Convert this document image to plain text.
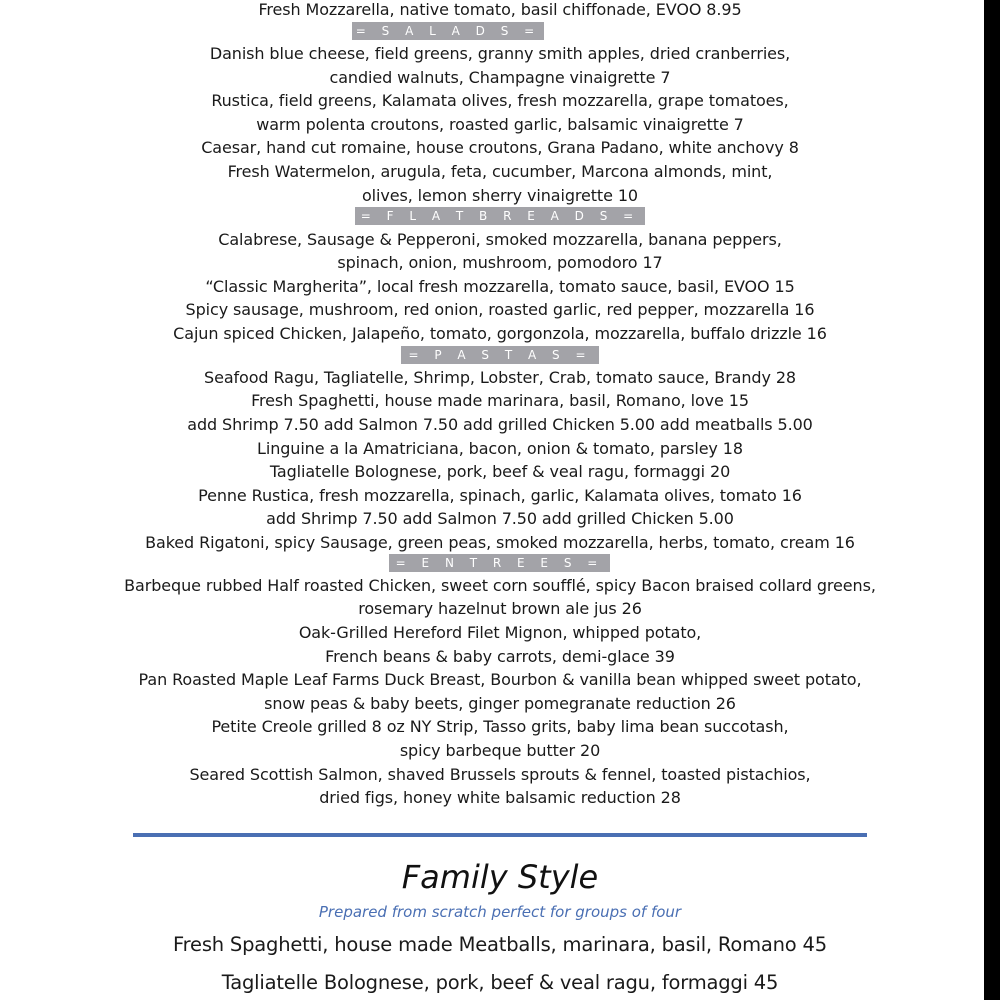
Fresh Mozzarella, native tomato, basil chiffonade, EVOO 8.95
= S A L A D S =
Danish blue cheese, field greens, granny smith apples, dried cranberries,
candied walnuts, Champagne vinaigrette 7
Rustica, field greens, Kalamata olives, fresh mozzarella, grape tomatoes,
warm polenta croutons, roasted garlic, balsamic vinaigrette 7
Caesar, hand cut romaine, house croutons, Grana Padano, white anchovy 8
Fresh Watermelon, arugula, feta, cucumber, Marcona almonds, mint,
olives, lemon sherry vinaigrette 10
= F L A T B R E A D S =
Calabrese, Sausage & Pepperoni, smoked mozzarella, banana peppers,
spinach, onion, mushroom, pomodoro 17
“Classic Margherita”, local fresh mozzarella, tomato sauce, basil, EVOO 15
Spicy sausage, mushroom, red onion, roasted garlic, red pepper, mozzarella 16
Cajun spiced Chicken, Jalapeño, tomato, gorgonzola, mozzarella, buffalo drizzle 16
= P A S T A S =
Seafood Ragu, Tagliatelle, Shrimp, Lobster, Crab, tomato sauce, Brandy 28
Fresh Spaghetti, house made marinara, basil, Romano, love 15
add Shrimp 7.50 add Salmon 7.50 add grilled Chicken 5.00 add meatballs 5.00
Linguine a la Amatriciana, bacon, onion & tomato, parsley 18
Tagliatelle Bolognese, pork, beef & veal ragu, formaggi 20
Penne Rustica, fresh mozzarella, spinach, garlic, Kalamata olives, tomato 16
add Shrimp 7.50 add Salmon 7.50 add grilled Chicken 5.00
Baked Rigatoni, spicy Sausage, green peas, smoked mozzarella, herbs, tomato, cream 16
= E N T R E E S =
Barbeque rubbed Half roasted Chicken, sweet corn soufflé, spicy Bacon braised collard greens,
rosemary hazelnut brown ale jus 26
Oak-Grilled Hereford Filet Mignon, whipped potato,
French beans & baby carrots, demi-glace 39
Pan Roasted Maple Leaf Farms Duck Breast, Bourbon & vanilla bean whipped sweet potato,
snow peas & baby beets, ginger pomegranate reduction 26
Petite Creole grilled 8 oz NY Strip, Tasso grits, baby lima bean succotash,
spicy barbeque butter 20
Seared Scottish Salmon, shaved Brussels sprouts & fennel, toasted pistachios,
dried figs, honey white balsamic reduction 28
Family Style
Prepared from scratch perfect for groups of four
Fresh Spaghetti, house made Meatballs, marinara, basil, Romano 45
Tagliatelle Bolognese, pork, beef & veal ragu, formaggi 45
